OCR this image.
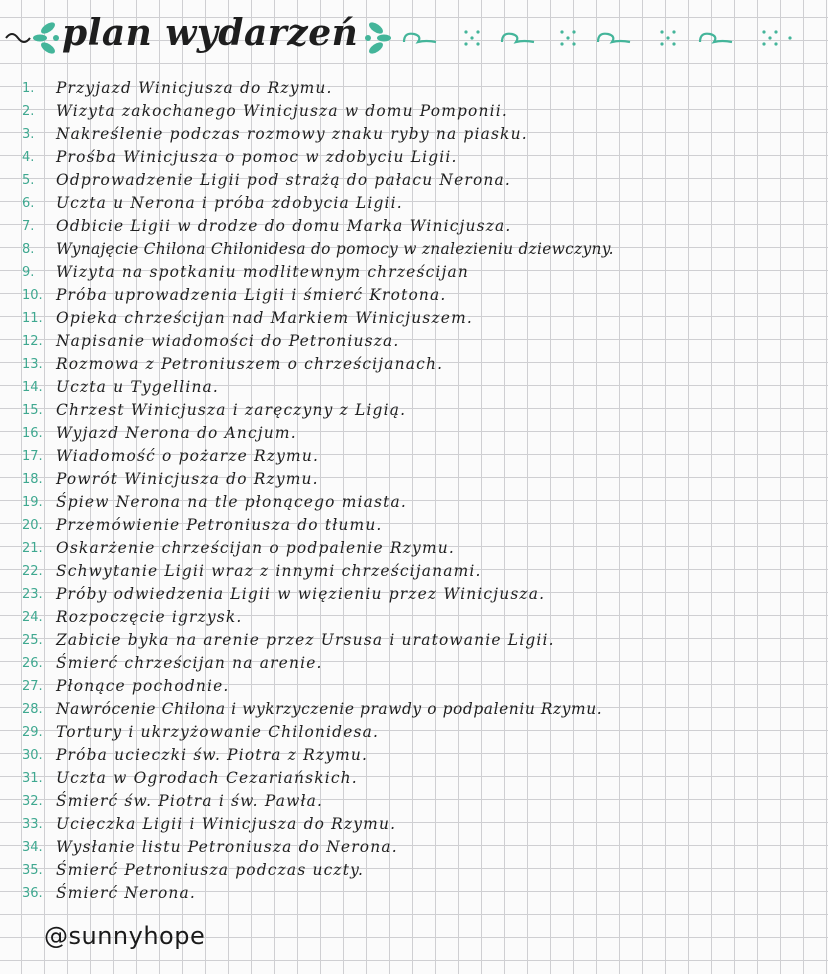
plan wydarzeń
1.	Przyjazd Winicjusza do Rzymu.
2.	Wizyta zakochanego Winicjusza w domu Pomponii.
3.	Nakreślenie podczas rozmowy znaku ryby na piasku.
4.	Prośba Winicjusza o pomoc w zdobyciu Ligii.
5.	Odprowadzenie Ligii pod strażą do pałacu Nerona.
6.	Uczta u Nerona i próba zdobycia Ligii.
7.	Odbicie Ligii w drodze do domu Marka Winicjusza.
8.	Wynajęcie Chilona Chilonidesa do pomocy w znalezieniu dziewczyny.
9.	Wizyta na spotkaniu modlitewnym chrześcijan
10. Próba uprowadzenia Ligii i śmierć Krotona.
11. Opieka chrześcijan nad Markiem Winicjuszem.
12. Napisanie wiadomości do Petroniusza.
13. Rozmowa z Petroniuszem o chrześcijanach.
14. Uczta u Tygellina.
15. Chrzest Winicjusza i zaręczyny z Ligią.
16. Wyjazd Nerona do Ancjum.
17. Wiadomość o pożarze Rzymu.
18. Powrót Winicjusza do Rzymu.
19. Śpiew Nerona na tle płonącego miasta.
20. Przemówienie Petroniusza do tłumu.
21. Oskarżenie chrześcijan o podpalenie Rzymu.
22. Schwytanie Ligii wraz z innymi chrześcijanami.
23. Próby odwiedzenia Ligii w więzieniu przez Winicjusza.
24. Rozpoczęcie igrzysk.
25. Zabicie byka na arenie przez Ursusa i uratowanie Ligii.
26. Śmierć chrześcijan na arenie.
27. Płonące pochodnie.
28. Nawrócenie Chilona i wykrzyczenie prawdy o podpaleniu Rzymu.
29. Tortury i ukrzyżowanie Chilonidesa.
30. Próba ucieczki św. Piotra z Rzymu.
31. Uczta w Ogrodach Cezariańskich.
32. Śmierć św. Piotra i św. Pawła.
33. Ucieczka Ligii i Winicjusza do Rzymu.
34. Wysłanie listu Petroniusza do Nerona.
35. Śmierć Petroniusza podczas uczty.
36. Śmierć Nerona.
@sunnyhope
